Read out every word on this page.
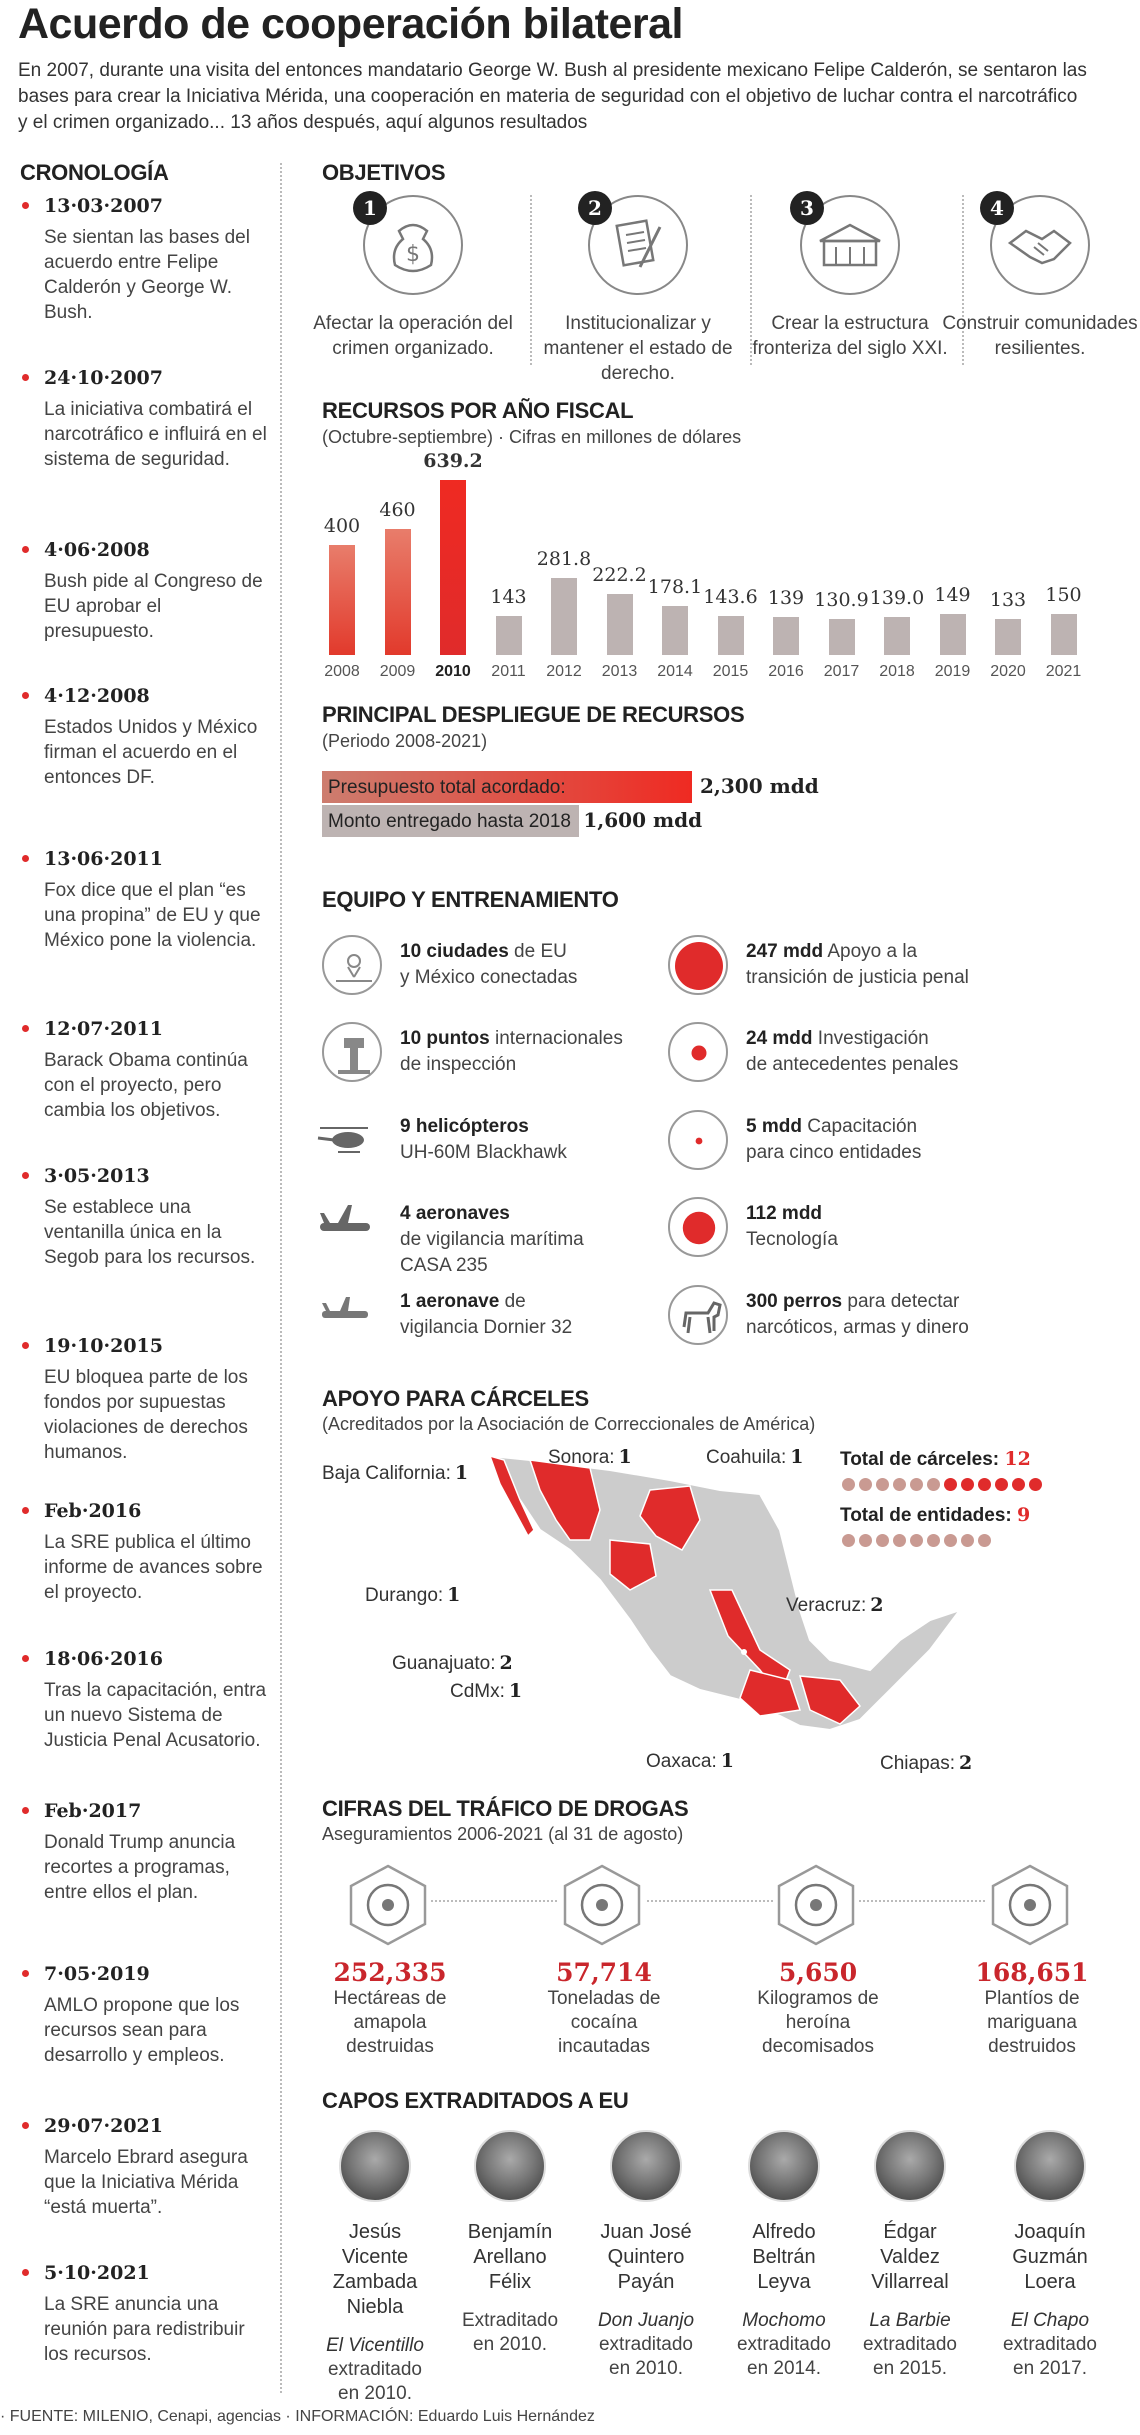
Acuerdo de cooperación bilateral
En 2007, durante una visita del entonces mandatario George W. Bush al presidente mexicano Felipe Calderón, se sentaron las bases para crear la Iniciativa Mérida, una cooperación en materia de seguridad con el objetivo de luchar contra el narcotráfico y el crimen organizado... 13 años después, aquí algunos resultados
CRONOLOGÍA
13·03·2007
Se sientan las bases del acuerdo entre Felipe Calderón y George W. Bush.
24·10·2007
La iniciativa combatirá el narcotráfico e influirá en el sistema de seguridad.
4·06·2008
Bush pide al Congreso de EU aprobar el presupuesto.
4·12·2008
Estados Unidos y México firman el acuerdo en el entonces DF.
13·06·2011
Fox dice que el plan “es una propina” de EU y que México pone la violencia.
12·07·2011
Barack Obama continúa con el proyecto, pero cambia los objetivos.
3·05·2013
Se establece una ventanilla única en la Segob para los recursos.
19·10·2015
EU bloquea parte de los fondos por supuestas violaciones de derechos humanos.
Feb·2016
La SRE publica el último informe de avances sobre el proyecto.
18·06·2016
Tras la capacitación, entra un nuevo Sistema de Justicia Penal Acusatorio.
Feb·2017
Donald Trump anuncia recortes a programas, entre ellos el plan.
7·05·2019
AMLO propone que los recursos sean para desarrollo y empleos.
29·07·2021
Marcelo Ebrard asegura que la Iniciativa Mérida “está muerta”.
5·10·2021
La SRE anuncia una reunión para redistribuir los recursos.
OBJETIVOS
1
$
Afectar la operación del crimen organizado.
2
Institucionalizar y mantener el estado de derecho.
3
Crear la estructura fronteriza del siglo XXI.
4
Construir comunidades resilientes.
RECURSOS POR AÑO FISCAL
(Octubre-septiembre) · Cifras en millones de dólares
400
2008
460
2009
639.2
2010
143
2011
281.8
2012
222.2
2013
178.1
2014
143.6
2015
139
2016
130.9
2017
139.0
2018
149
2019
133
2020
150
2021
PRINCIPAL DESPLIEGUE DE RECURSOS
(Periodo 2008-2021)
Presupuesto total acordado:	2,300 mdd
Monto entregado hasta 2018 1,600 mdd
EQUIPO Y ENTRENAMIENTO
10 ciudades de EU
y México conectadas
10 puntos internacionales
de inspección
9 helicópteros
UH-60M Blackhawk
4 aeronaves
de vigilancia marítima
CASA 235
1 aeronave de
vigilancia Dornier 32
247 mdd Apoyo a la
transición de justicia penal
24 mdd Investigación
de antecedentes penales
5 mdd Capacitación
para cinco entidades
112 mdd
Tecnología
300 perros para detectar
narcóticos, armas y dinero
APOYO PARA CÁRCELES
(Acreditados por la Asociación de Correccionales de América)
Baja California: 1
Sonora: 1	Coahuila: 1
Durango: 1	Veracruz: 2
Guanajuato: 2
CdMx: 1
Oaxaca: 1	Chiapas: 2
Total de cárceles: 12
Total de entidades: 9
CIFRAS DEL TRÁFICO DE DROGAS
Aseguramientos 2006-2021 (al 31 de agosto)
252,335
Hectáreas de amapola destruidas
57,714
Toneladas de cocaína incautadas
5,650
Kilogramos de heroína decomisados
168,651
Plantíos de mariguana destruidos
CAPOS EXTRADITADOS A EU
Jesús Vicente Zambada Niebla
El Vicentillo
extraditado en 2010.
Benjamín Arellano Félix
Extraditado en 2010.
Juan José Quintero Payán
Don Juanjo
extraditado en 2010.
Alfredo Beltrán Leyva
Mochomo
extraditado en 2014.
Édgar Valdez Villarreal
La Barbie
extraditado en 2015.
Joaquín Guzmán Loera
El Chapo
extraditado en 2017.
· FUENTE: MILENIO, Cenapi, agencias · INFORMACIÓN: Eduardo Luis Hernández
